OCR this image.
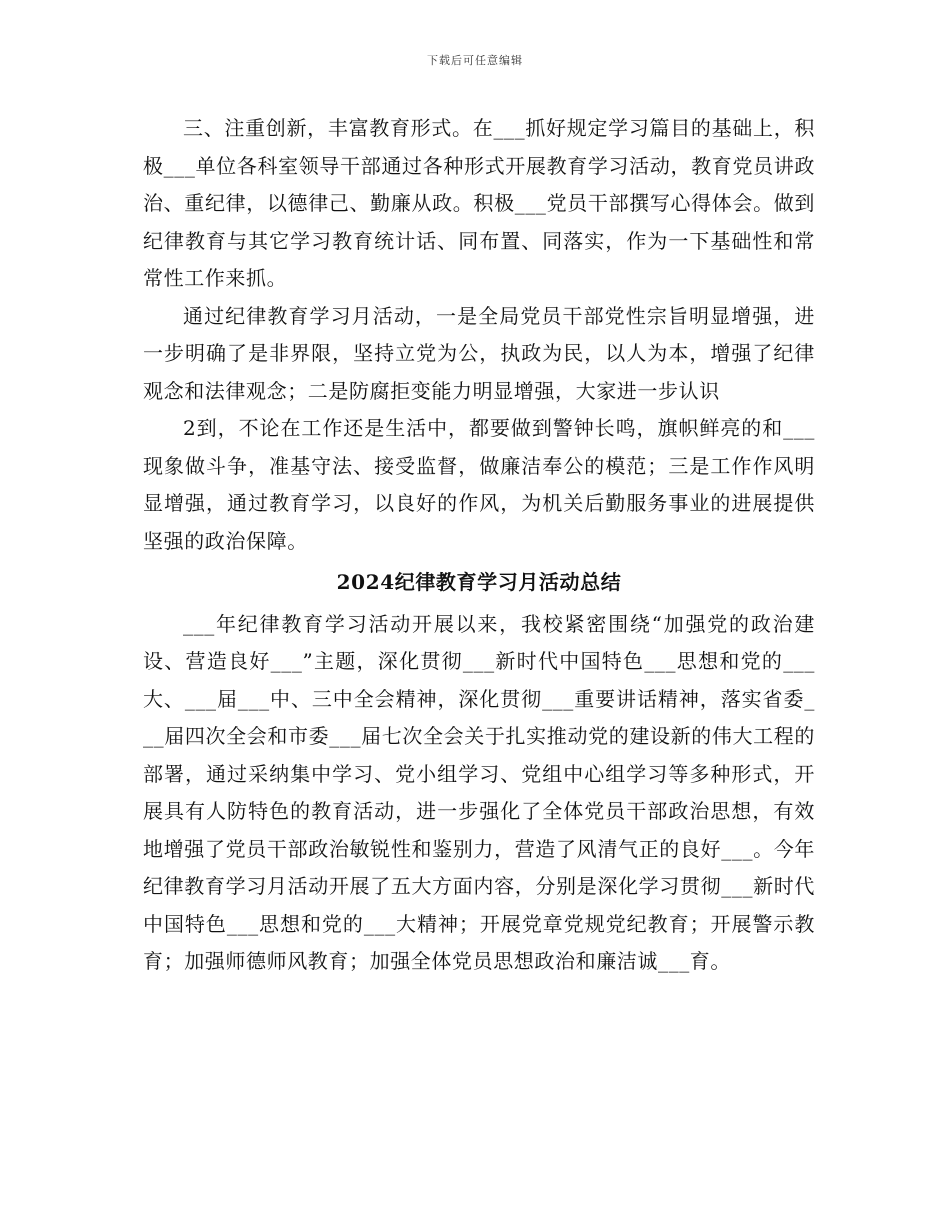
下载后可任意编辑

三、注重创新，丰富教育形式。在___抓好规定学习篇目的基础上，积极___单位各科室领导干部通过各种形式开展教育学习活动，教育党员讲政治、重纪律，以德律己、勤廉从政。积极___党员干部撰写心得体会。做到纪律教育与其它学习教育统计话、同布置、同落实，作为一下基础性和常常性工作来抓。

通过纪律教育学习月活动，一是全局党员干部党性宗旨明显增强，进一步明确了是非界限，坚持立党为公，执政为民，以人为本，增强了纪律观念和法律观念；二是防腐拒变能力明显增强，大家进一步认识

2到，不论在工作还是生活中，都要做到警钟长鸣，旗帜鲜亮的和___现象做斗争，准基守法、接受监督，做廉洁奉公的模范；三是工作作风明显增强，通过教育学习，以良好的作风，为机关后勤服务事业的进展提供坚强的政治保障。

2024纪律教育学习月活动总结

___年纪律教育学习活动开展以来，我校紧密围绕“加强党的政治建设、营造良好___”主题，深化贯彻___新时代中国特色___思想和党的___大、___届___中、三中全会精神，深化贯彻___重要讲话精神，落实省委___届四次全会和市委___届七次全会关于扎实推动党的建设新的伟大工程的部署，通过采纳集中学习、党小组学习、党组中心组学习等多种形式，开展具有人防特色的教育活动，进一步强化了全体党员干部政治思想，有效地增强了党员干部政治敏锐性和鉴别力，营造了风清气正的良好___。今年纪律教育学习月活动开展了五大方面内容，分别是深化学习贯彻___新时代中国特色___思想和党的___大精神；开展党章党规党纪教育；开展警示教育；加强师德师风教育；加强全体党员思想政治和廉洁诚___育。
